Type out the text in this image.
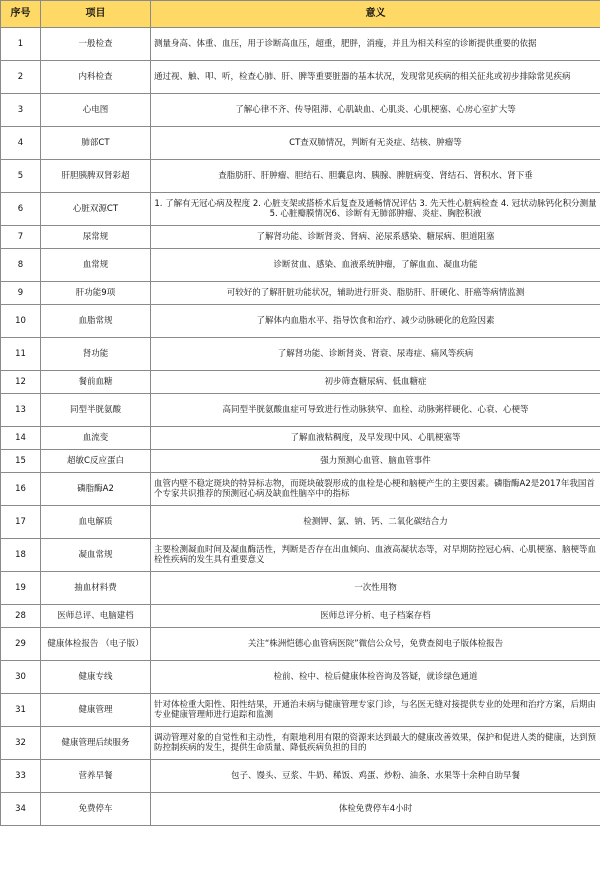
序号	项目	意义
1	一般检查	测量身高、体重、血压，用于诊断高血压，超重，肥胖，消瘦，并且为相关科室的诊断提供重要的依据
2	内科检查	通过视、触、叩、听，检查心肺、肝、脾等重要脏器的基本状况，发现常见疾病的相关征兆或初步排除常见疾病
3	心电图	了解心律不齐、传导阻滞、心肌缺血、心肌炎、心肌梗塞、心房心室扩大等
4	肺部CT	CT查双肺情况，判断有无炎症、结核、肿瘤等
5	肝胆胰脾双肾彩超	查脂肪肝、肝肿瘤、胆结石、胆囊息肉、胰腺、脾脏病变、肾结石、肾积水、肾下垂
6	心脏双源CT	1. 了解有无冠心病及程度 2. 心脏支架或搭桥术后复查及通畅情况评估 3. 先天性心脏病检查 4. 冠状动脉钙化积分测量 5. 心脏瓣膜情况6、诊断有无肺部肿瘤、炎症、胸腔积液
7	尿常规	了解肾功能、诊断肾炎、肾病、泌尿系感染、糖尿病、胆道阻塞
8	血常规	诊断贫血、感染、血液系统肿瘤，了解血血、凝血功能
9	肝功能9项	可较好的了解肝脏功能状况，辅助进行肝炎、脂肪肝、肝硬化、肝癌等病情监测
10	血脂常规	了解体内血脂水平、指导饮食和治疗、减少动脉硬化的危险因素
11	肾功能	了解肾功能、诊断肾炎、肾衰、尿毒症、痛风等疾病
12	餐前血糖	初步筛查糖尿病、低血糖症
13	同型半胱氨酸	高同型半胱氨酸血症可导致进行性动脉狭窄、血栓、动脉粥样硬化、心衰、心梗等
14	血流变	了解血液粘稠度，及早发现中风、心肌梗塞等
15	超敏C反应蛋白	强力预测心血管、脑血管事件
16	磷脂酶A2	血管内壁不稳定斑块的特异标志物，而斑块破裂形成的血栓是心梗和脑梗产生的主要因素。磷脂酶A2是2017年我国首个专家共识推荐的预测冠心病及缺血性脑卒中的指标
17	血电解质	检测钾、氯、钠、钙、二氧化碳结合力
18	凝血常规	主要检测凝血时间及凝血酶活性，判断是否存在出血倾向、血液高凝状态等，对早期防控冠心病、心肌梗塞、脑梗等血栓性疾病的发生具有重要意义
19	抽血材料费	一次性用物
28	医师总评、电脑建档	医师总评分析、电子档案存档
29	健康体检报告 （电子版）	关注“株洲恺德心血管病医院”微信公众号，免费查阅电子版体检报告
30	健康专线	检前、检中、检后健康体检咨询及答疑，就诊绿色通道
31	健康管理	针对体检重大阳性、阳性结果，开通治未病与健康管理专家门诊，与名医无缝对接提供专业的处理和治疗方案，后期由专业健康管理师进行追踪和监测
32	健康管理后续服务	调动管理对象的自觉性和主动性，有限地利用有限的资源来达到最大的健康改善效果，保护和促进人类的健康，达到预防控制疾病的发生，提供生命质量、降低疾病负担的目的
33	营养早餐	包子、馒头、豆浆、牛奶、稀饭、鸡蛋、炒粉、油条、水果等十余种自助早餐
34	免费停车	体检免费停车4小时
